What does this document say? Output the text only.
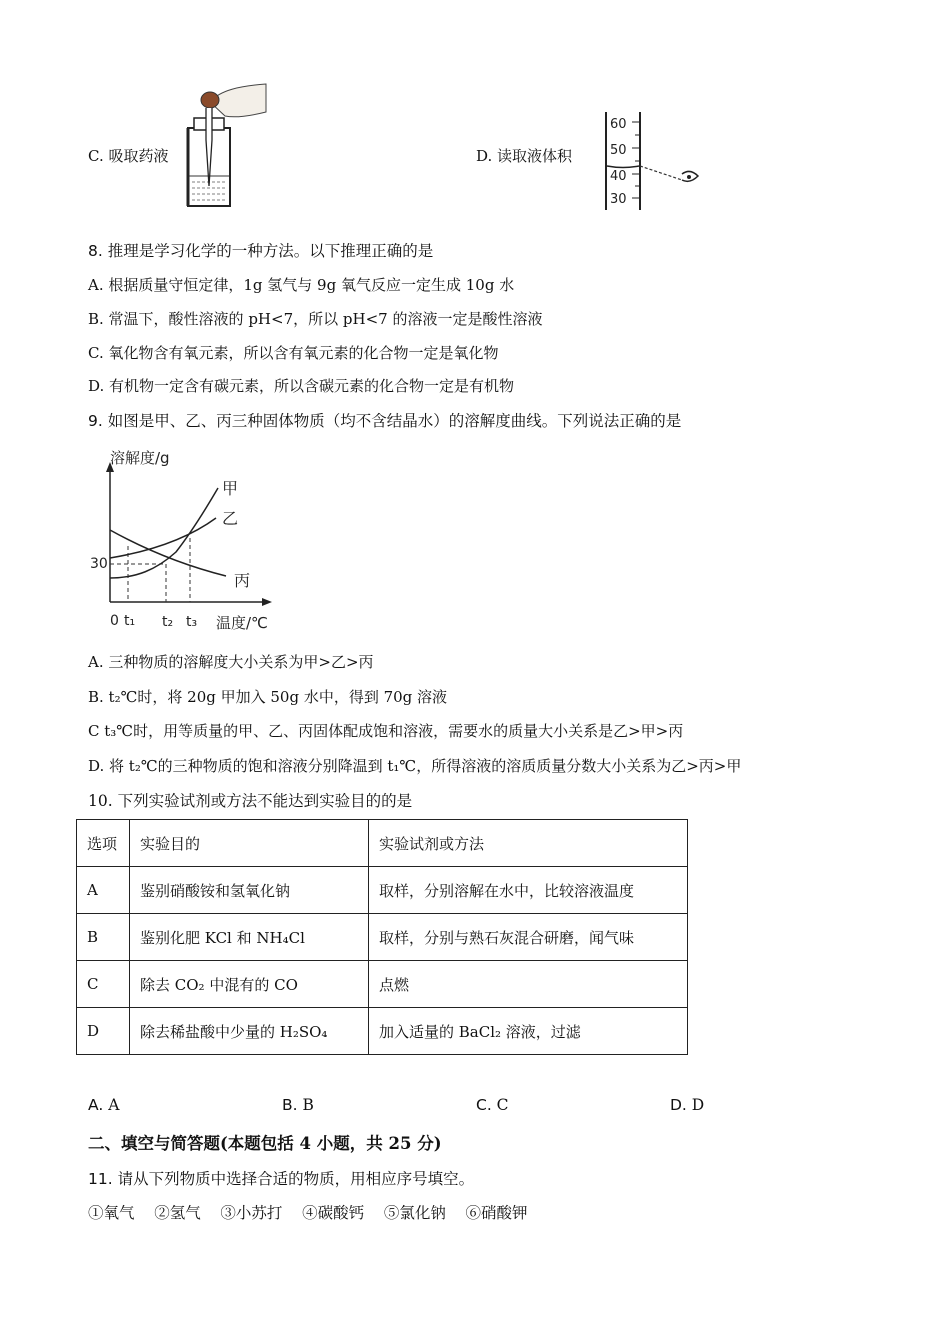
C. 吸取药液	D. 读取液体积
60
50
40
30
8. 推理是学习化学的一种方法。以下推理正确的是
A. 根据质量守恒定律，1g 氢气与 9g 氧气反应一定生成 10g 水
B. 常温下，酸性溶液的 pH<7，所以 pH<7 的溶液一定是酸性溶液
C. 氧化物含有氧元素，所以含有氧元素的化合物一定是氧化物
D. 有机物一定含有碳元素，所以含碳元素的化合物一定是有机物
9. 如图是甲、乙、丙三种固体物质（均不含结晶水）的溶解度曲线。下列说法正确的是
溶解度/g
温度/℃
30
0 t₁ t₂ t₃
甲
乙
丙
A. 三种物质的溶解度大小关系为甲>乙>丙
B. t₂℃时，将 20g 甲加入 50g 水中，得到 70g 溶液
C t₃℃时，用等质量的甲、乙、丙固体配成饱和溶液，需要水的质量大小关系是乙>甲>丙
D. 将 t₂℃的三种物质的饱和溶液分别降温到 t₁℃，所得溶液的溶质质量分数大小关系为乙>丙>甲
10. 下列实验试剂或方法不能达到实验目的的是
选项	实验目的	实验试剂或方法
A	鉴别硝酸铵和氢氧化钠	取样，分别溶解在水中，比较溶液温度
B	鉴别化肥 KCl 和 NH₄Cl	取样，分别与熟石灰混合研磨，闻气味
C	除去 CO₂ 中混有的 CO	点燃
D	除去稀盐酸中少量的 H₂SO₄	加入适量的 BaCl₂ 溶液，过滤
A. A	B. B	C. C	D. D
二、填空与简答题(本题包括 4 小题，共 25 分)
11. 请从下列物质中选择合适的物质，用相应序号填空。
①氧气    ②氢气    ③小苏打    ④碳酸钙    ⑤氯化钠    ⑥硝酸钾
